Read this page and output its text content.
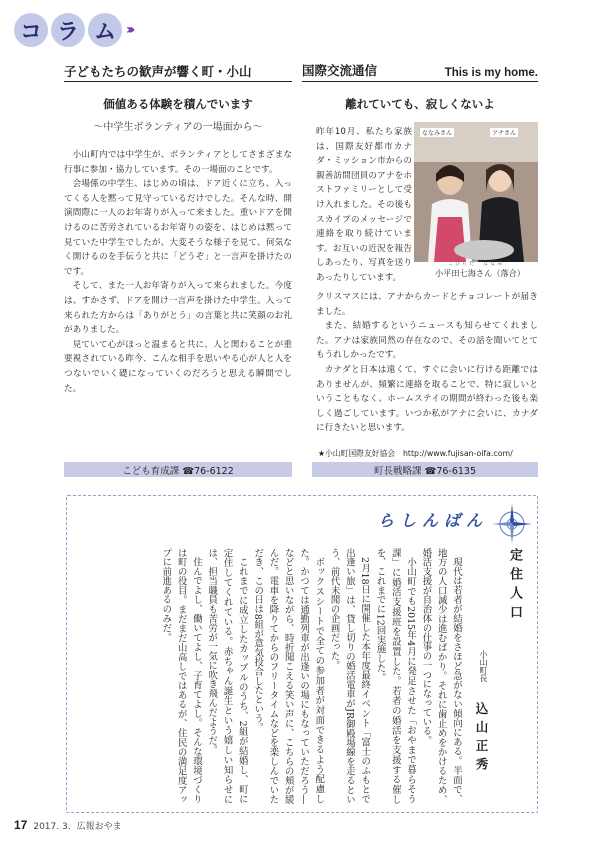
コ ラ ム ›››
子どもたちの歓声が響く町・小山
価値ある体験を積んでいます
～中学生ボランティアの一場面から～

小山町内では中学生が、ボランティアとしてさまざまな行事に参加・協力しています。その一場面のことです。

会場係の中学生、はじめの頃は、ドア近くに立ち、入ってくる人を黙って見守っているだけでした。そんな時、開演間際に一人のお年寄りが入って来ました。重いドアを開けるのに苦労されているお年寄りの姿を、はじめは黙って見ていた中学生でしたが、大変そうな様子を見て、何気なく開けるのを手伝うと共に「どうぞ」と一言声を掛けたのです。

そして、また一人お年寄りが入って来られました。今度は、すかさず、ドアを開け一言声を掛けた中学生。入って来られた方からは「ありがとう」の言葉と共に笑顔のお礼がありました。

見ていて心がほっと温まると共に、人と関わることが重要視されている昨今、こんな相手を思いやる心が人と人をつないでいく礎になっていくのだろうと思える瞬間でした。

国際交流通信	This is my home.
離れていても、寂しくないよ
昨年10月、私たち家族は、国際友好都市カナダ・ミッション市からの親善訪問団員のアナをホストファミリーとして受け入れました。その後もスカイプのメッセージで連絡を取り続けています。お互いの近況を報告しあったり、写真を送りあったりしています。
ななみさん	アナさん
こひらた　ななみ
小平田七海さん（落合）

クリスマスには、アナからカードとチョコレートが届きました。

また、結婚するというニュースも知らせてくれました。アナは家族同然の存在なので、その話を聞いてとてもうれしかったです。

カナダと日本は遠くて、すぐに会いに行ける距離ではありませんが、頻繁に連絡を取ることで、特に寂しいということもなく、ホームステイの期間が終わった後も楽しく過ごしています。いつか私がアナに会いに、カナダに行きたいと思います。

★小山町国際友好協会　http://www.fujisan-oifa.com/
こども育成課 ☎76-6122	町長戦略課 ☎76-6135
らしんばん
定住人口
小山町長
込山正秀

現代は若者が結婚をさほど急がない傾向にある。半面で、地方の人口減少は進むばかり。それに歯止めをかけるため、婚活支援が自治体の仕事の一つになっている。

小山町でも2015年4月に発足させた「おやまで暮らそう課」に婚活支援班を設置した。若者の婚活を支援する催しを、これまでに12回実施した。

2月18日に開催した本年度最終イベント「富士のふもとで出逢い旅」は、貸し切りの婚活電車がJR御殿場線を走るという、前代未聞の企画だった。

ボックスシートで全ての参加者が対面できるよう配慮した。かつては通勤列車が出逢いの場にもなっていただろう―などと思いながら、時折聞こえる笑い声に、こちらの頬が緩んだ。電車を降りてからのフリータイムなどを楽しんでいただき、この日は8組が意気投合したという。

これまでに成立したカップルのうち、2組が結婚し、町に定住してくれている。赤ちゃん誕生という嬉しい知らせには、担当職員も苦労が一気に吹き飛んだようだ。

住んでよし、働いてよし、子育てよし。そんな環境づくりは町の役目。まだまだ山高しではあるが、住民の満足度アップに前進あるのみだ。

17 2017. 3. 広報おやま
